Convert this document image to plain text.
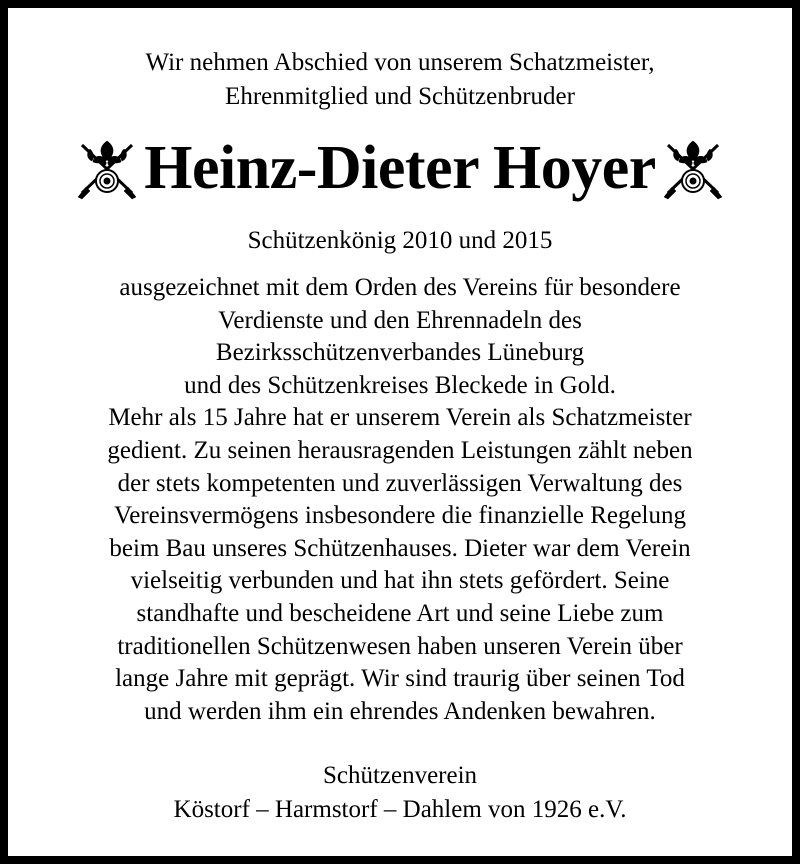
Wir nehmen Abschied von unserem Schatzmeister,
Ehrenmitglied und Schützenbruder
Heinz-Dieter Hoyer
Schützenkönig 2010 und 2015
ausgezeichnet mit dem Orden des Vereins für besondere
Verdienste und den Ehrennadeln des
Bezirksschützenverbandes Lüneburg
und des Schützenkreises Bleckede in Gold.
Mehr als 15 Jahre hat er unserem Verein als Schatzmeister
gedient. Zu seinen herausragenden Leistungen zählt neben
der stets kompetenten und zuverlässigen Verwaltung des
Vereinsvermögens insbesondere die finanzielle Regelung
beim Bau unseres Schützenhauses. Dieter war dem Verein
vielseitig verbunden und hat ihn stets gefördert. Seine
standhafte und bescheidene Art und seine Liebe zum
traditionellen Schützenwesen haben unseren Verein über
lange Jahre mit geprägt. Wir sind traurig über seinen Tod
und werden ihm ein ehrendes Andenken bewahren.
Schützenverein
Köstorf – Harmstorf – Dahlem von 1926 e.V.
